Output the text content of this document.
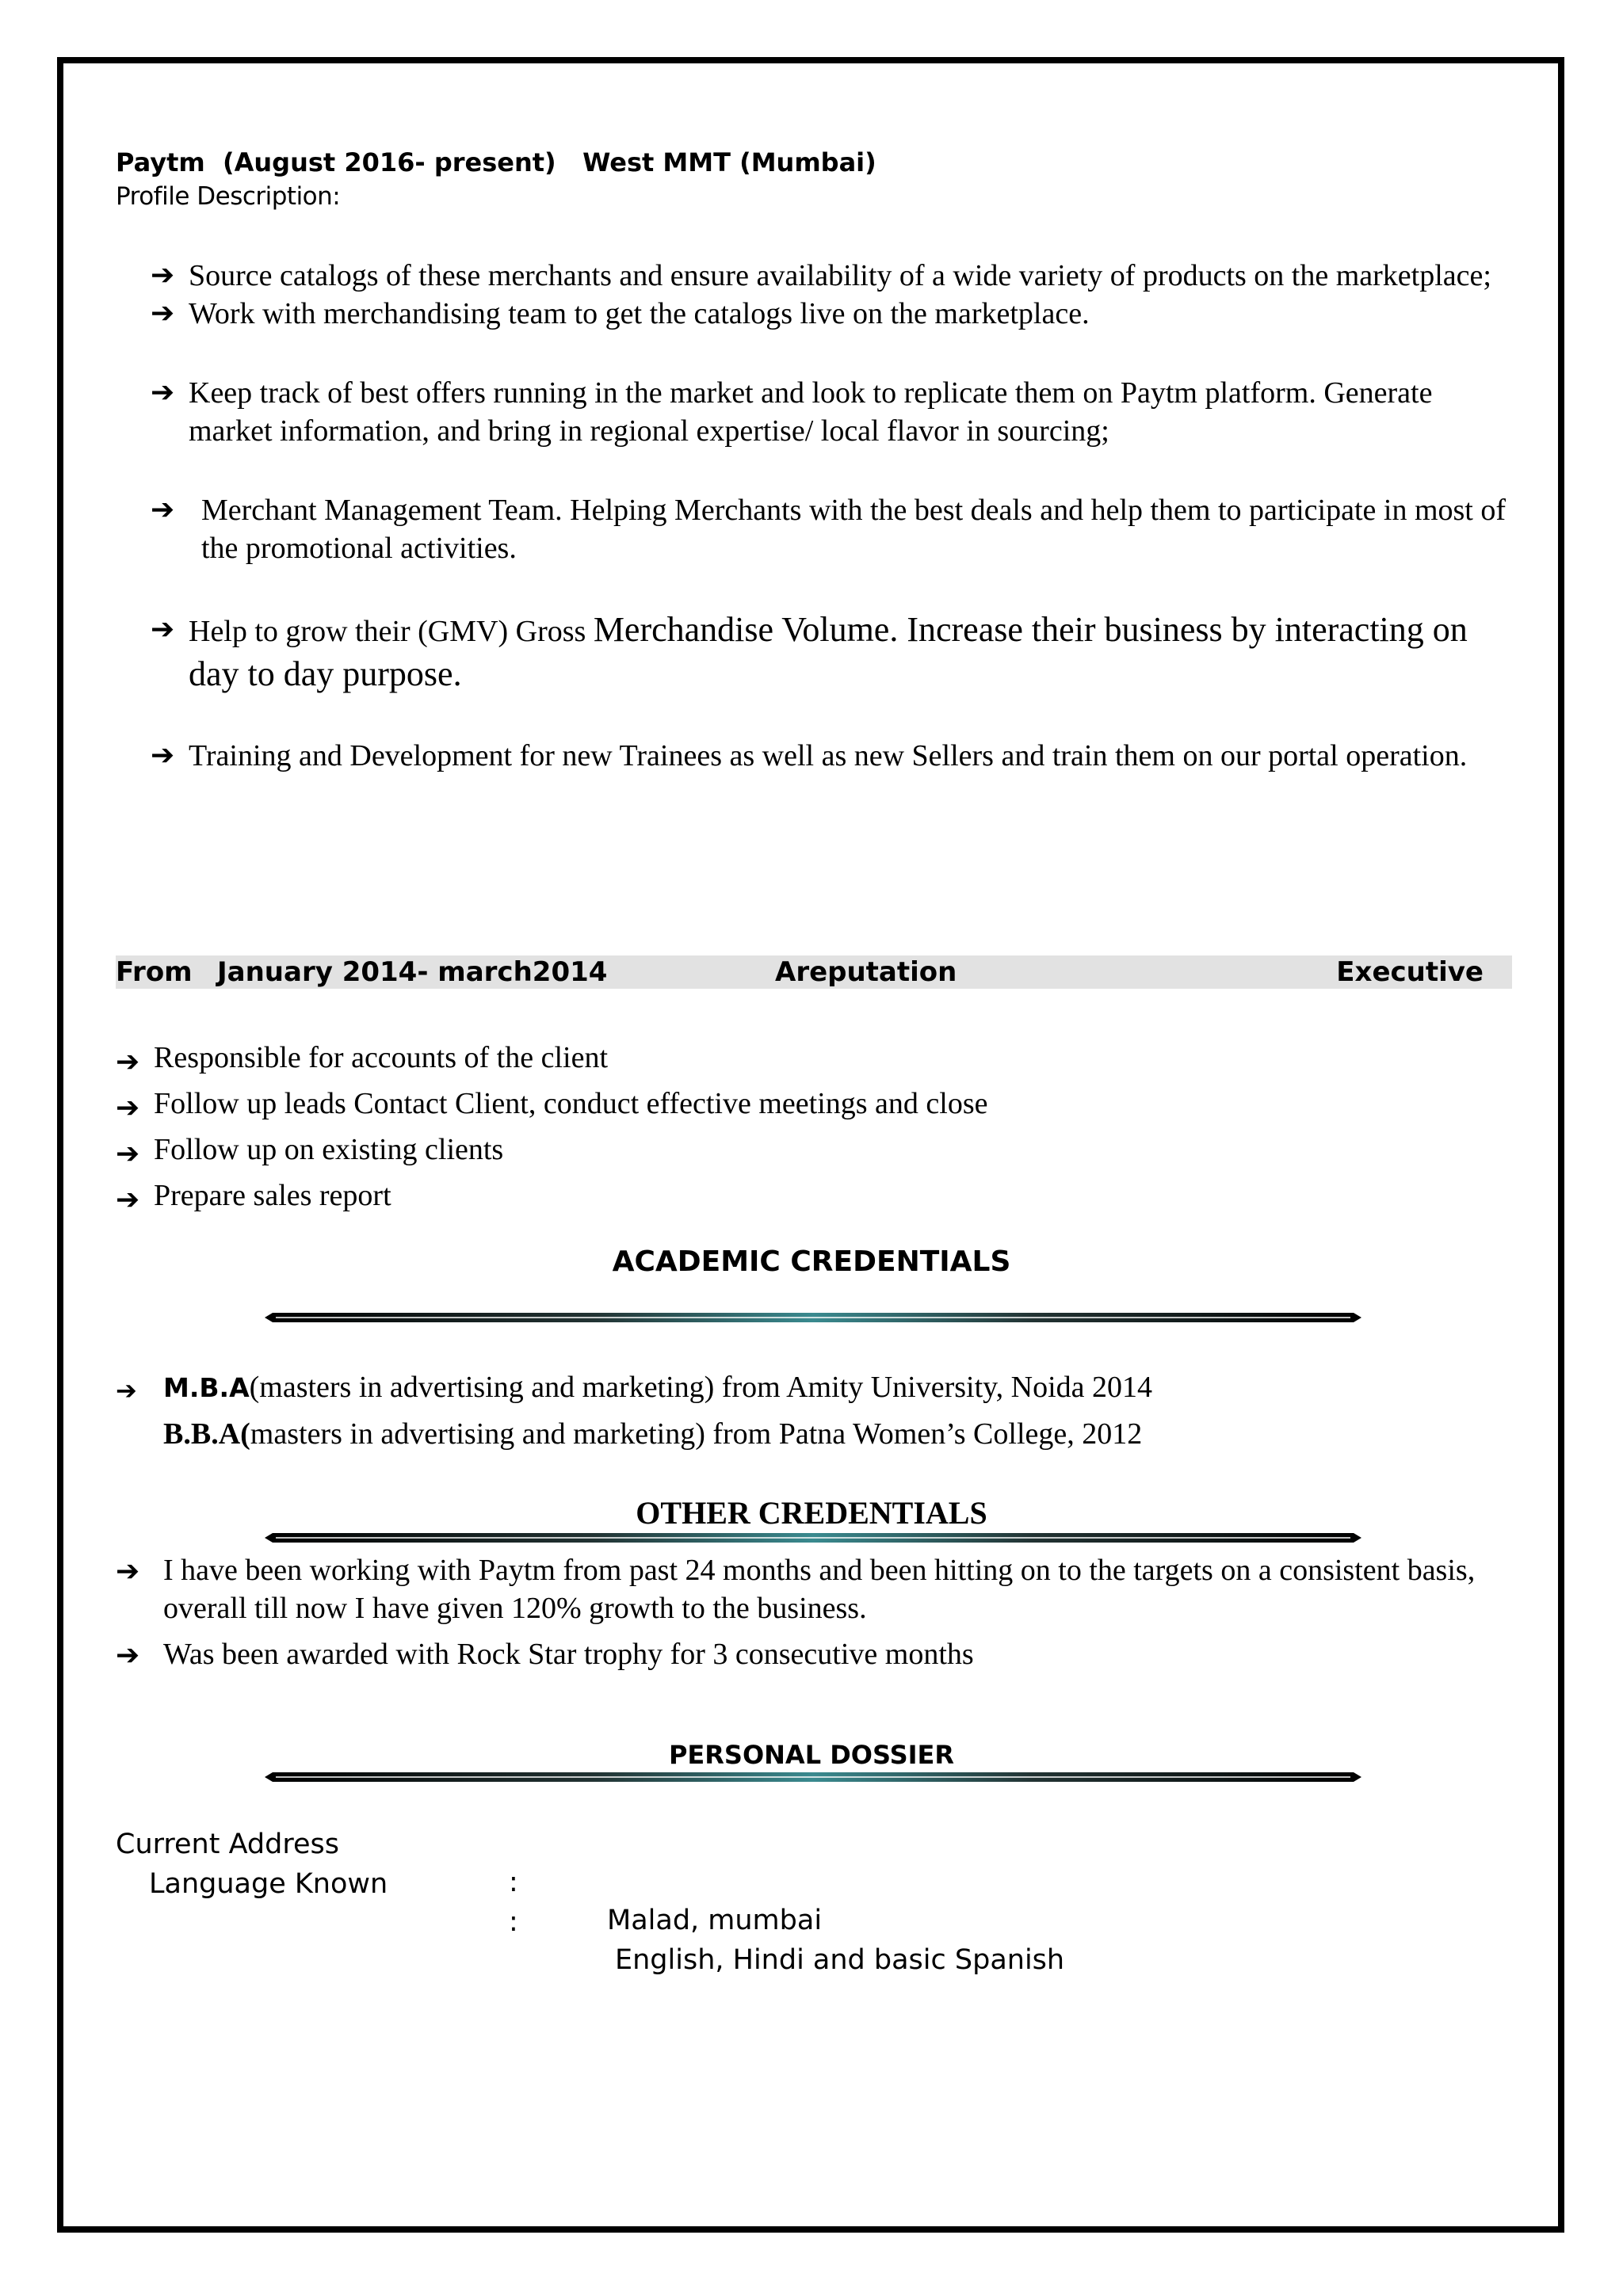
Paytm  (August 2016- present)   West MMT (Mumbai)
Profile Description:
➔ Source catalogs of these merchants and ensure availability of a wide variety of products on the marketplace;
➔ Work with merchandising team to get the catalogs live on the marketplace.
➔ Keep track of best offers running in the market and look to replicate them on Paytm platform. Generate market information, and bring in regional expertise/ local flavor in sourcing;
➔ Merchant Management Team. Helping Merchants with the best deals and help them to participate in most of the promotional activities.
➔ Help to grow their (GMV) Gross Merchandise Volume. Increase their business by interacting on day to day purpose.
➔ Training and Development for new Trainees as well as new Sellers and train them on our portal operation.
From January 2014- march2014	Areputation	Executive
➔ Responsible for accounts of the client
➔ Follow up leads Contact Client, conduct effective meetings and close
➔ Follow up on existing clients
➔ Prepare sales report
ACADEMIC CREDENTIALS
➔ M.B.A(masters in advertising and marketing) from Amity University, Noida 2014
B.B.A(masters in advertising and marketing) from Patna Women’s College, 2012
OTHER CREDENTIALS
➔ I have been working with Paytm from past 24 months and been hitting on to the targets on a consistent basis, overall till now I have given 120% growth to the business.
➔ Was been awarded with Rock Star trophy for 3 consecutive months
PERSONAL DOSSIER

Current Address

:

Malad, mumbai

Language Known

:

English, Hindi and basic Spanish
